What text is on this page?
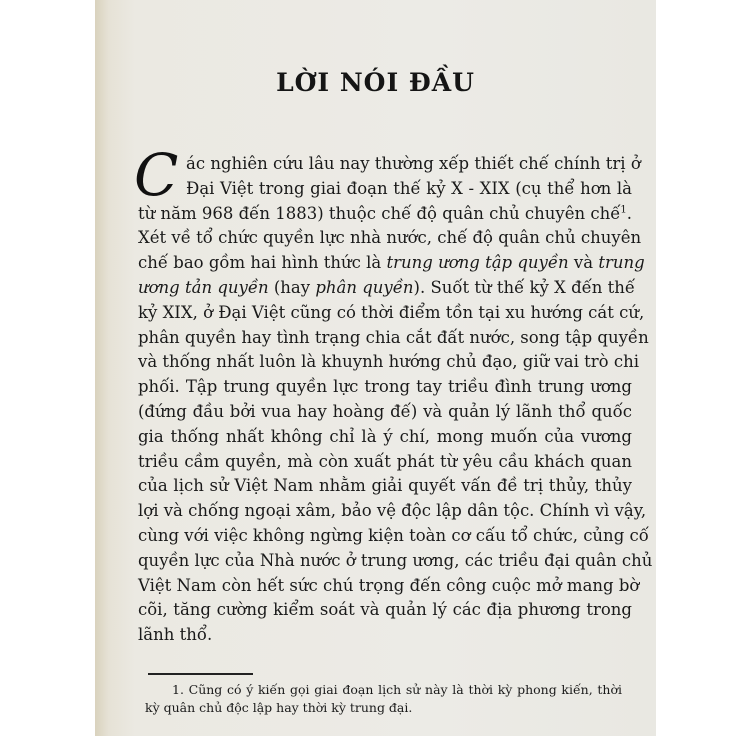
LỜI NÓI ĐẦU
C ác nghiên cứu lâu nay thường xếp thiết chế chính trị ở
Đại Việt trong giai đoạn thế kỷ X - XIX (cụ thể hơn là
từ năm 968 đến 1883) thuộc chế độ quân chủ chuyên chế$^1$.
Xét về tổ chức quyền lực nhà nước, chế độ quân chủ chuyên
chế bao gồm hai hình thức là trung ương tập quyền và trung
ương tản quyền (hay phân quyền). Suốt từ thế kỷ X đến thế
kỷ XIX, ở Đại Việt cũng có thời điểm tồn tại xu hướng cát cứ,
phân quyền hay tình trạng chia cắt đất nước, song tập quyền
và thống nhất luôn là khuynh hướng chủ đạo, giữ vai trò chi
phối. Tập trung quyền lực trong tay triều đình trung ương
(đứng đầu bởi vua hay hoàng đế) và quản lý lãnh thổ quốc
gia thống nhất không chỉ là ý chí, mong muốn của vương
triều cầm quyền, mà còn xuất phát từ yêu cầu khách quan
của lịch sử Việt Nam nhằm giải quyết vấn đề trị thủy, thủy
lợi và chống ngoại xâm, bảo vệ độc lập dân tộc. Chính vì vậy,
cùng với việc không ngừng kiện toàn cơ cấu tổ chức, củng cố
quyền lực của Nhà nước ở trung ương, các triều đại quân chủ
Việt Nam còn hết sức chú trọng đến công cuộc mở mang bờ
cõi, tăng cường kiểm soát và quản lý các địa phương trong
lãnh thổ.
1. Cũng có ý kiến gọi giai đoạn lịch sử này là thời kỳ phong kiến, thời
kỳ quân chủ độc lập hay thời kỳ trung đại.
